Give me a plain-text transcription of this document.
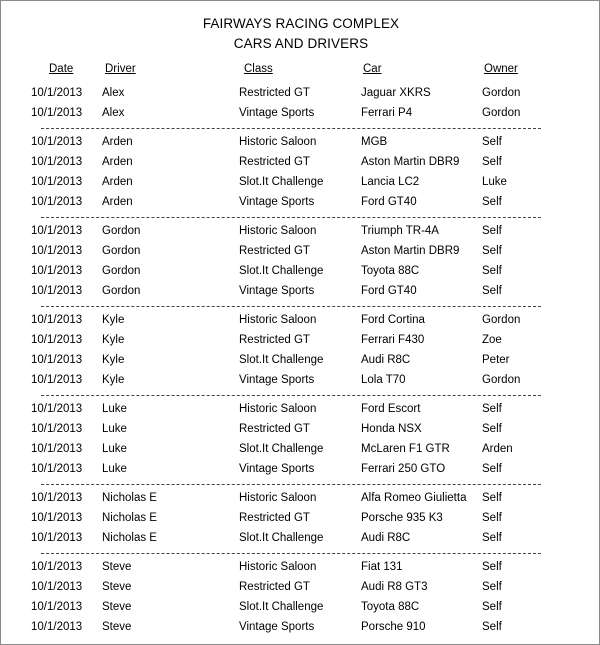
FAIRWAYS RACING COMPLEX
CARS AND DRIVERS
Date	Driver	Class	Car	Owner
10/1/2013 Alex	Restricted GT	Jaguar XKRS	Gordon
10/1/2013 Alex	Vintage Sports	Ferrari P4	Gordon
10/1/2013 Arden	Historic Saloon	MGB	Self
10/1/2013 Arden	Restricted GT	Aston Martin DBR9 Self
10/1/2013 Arden	Slot.It Challenge	Lancia LC2	Luke
10/1/2013 Arden	Vintage Sports	Ford GT40	Self
10/1/2013 Gordon	Historic Saloon	Triumph TR-4A	Self
10/1/2013 Gordon	Restricted GT	Aston Martin DBR9 Self
10/1/2013 Gordon	Slot.It Challenge	Toyota 88C	Self
10/1/2013 Gordon	Vintage Sports	Ford GT40	Self
10/1/2013 Kyle	Historic Saloon	Ford Cortina	Gordon
10/1/2013 Kyle	Restricted GT	Ferrari F430	Zoe
10/1/2013 Kyle	Slot.It Challenge	Audi R8C	Peter
10/1/2013 Kyle	Vintage Sports	Lola T70	Gordon
10/1/2013 Luke	Historic Saloon	Ford Escort	Self
10/1/2013 Luke	Restricted GT	Honda NSX	Self
10/1/2013 Luke	Slot.It Challenge	McLaren F1 GTR	Arden
10/1/2013 Luke	Vintage Sports	Ferrari 250 GTO	Self
10/1/2013 Nicholas E	Historic Saloon	Alfa Romeo Giulietta Self
10/1/2013 Nicholas E	Restricted GT	Porsche 935 K3	Self
10/1/2013 Nicholas E	Slot.It Challenge	Audi R8C	Self
10/1/2013 Steve	Historic Saloon	Fiat 131	Self
10/1/2013 Steve	Restricted GT	Audi R8 GT3	Self
10/1/2013 Steve	Slot.It Challenge	Toyota 88C	Self
10/1/2013 Steve	Vintage Sports	Porsche 910	Self
